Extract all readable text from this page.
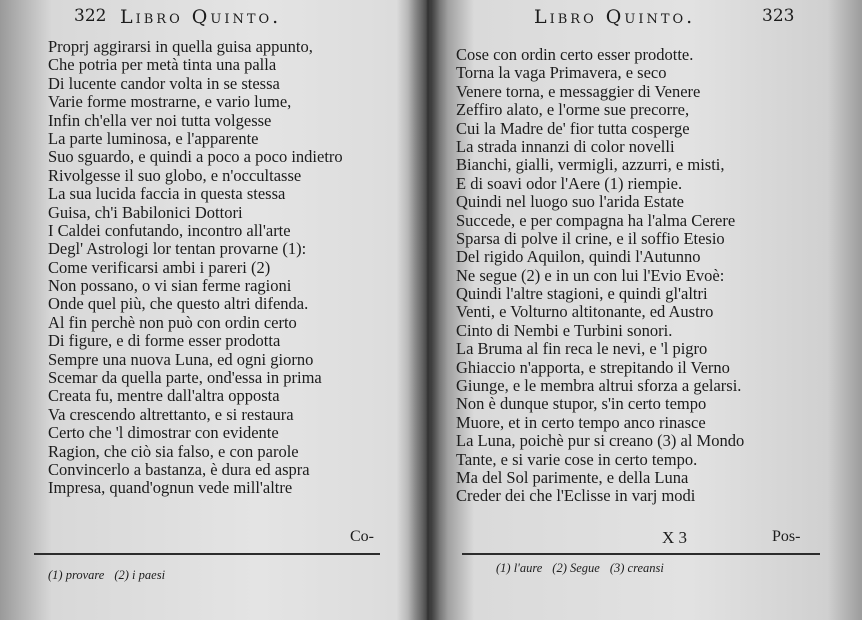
322 Libro Quinto.
Proprj aggirarsi in quella guisa appunto,
Che potria per metà tinta una palla
Di lucente candor volta in se stessa
Varie forme mostrarne, e vario lume,
Infin ch'ella ver noi tutta volgesse
La parte luminosa, e l'apparente
Suo sguardo, e quindi a poco a poco indietro
Rivolgesse il suo globo, e n'occultasse
La sua lucida faccia in questa stessa
Guisa, ch'i Babilonici Dottori
I Caldei confutando, incontro all'arte
Degl' Astrologi lor tentan provarne (1):
Come verificarsi ambi i pareri (2)
Non possano, o vi sian ferme ragioni
Onde quel più, che questo altri difenda.
Al fin perchè non può con ordin certo
Di figure, e di forme esser prodotta
Sempre una nuova Luna, ed ogni giorno
Scemar da quella parte, ond'essa in prima
Creata fu, mentre dall'altra opposta
Va crescendo altrettanto, e si restaura
Certo che 'l dimostrar con evidente
Ragion, che ciò sia falso, e con parole
Convincerlo a bastanza, è dura ed aspra
Impresa, quand'ognun vede mill'altre
Co-
(1) provare (2) i paesi
Libro Quinto.	323
Cose con ordin certo esser prodotte.
Torna la vaga Primavera, e seco
Venere torna, e messaggier di Venere
Zeffiro alato, e l'orme sue precorre,
Cui la Madre de' fior tutta cosperge
La strada innanzi di color novelli
Bianchi, gialli, vermigli, azzurri, e misti,
E di soavi odor l'Aere (1) riempie.
Quindi nel luogo suo l'arida Estate
Succede, e per compagna ha l'alma Cerere
Sparsa di polve il crine, e il soffio Etesio
Del rigido Aquilon, quindi l'Autunno
Ne segue (2) e in un con lui l'Evio Evoè:
Quindi l'altre stagioni, e quindi gl'altri
Venti, e Volturno altitonante, ed Austro
Cinto di Nembi e Turbini sonori.
La Bruma al fin reca le nevi, e 'l pigro
Ghiaccio n'apporta, e strepitando il Verno
Giunge, e le membra altrui sforza a gelarsi.
Non è dunque stupor, s'in certo tempo
Muore, et in certo tempo anco rinasce
La Luna, poichè pur si creano (3) al Mondo
Tante, e si varie cose in certo tempo.
Ma del Sol parimente, e della Luna
Creder dei che l'Eclisse in varj modi
X 3	Pos-
(1) l'aure (2) Segue (3) creansi
